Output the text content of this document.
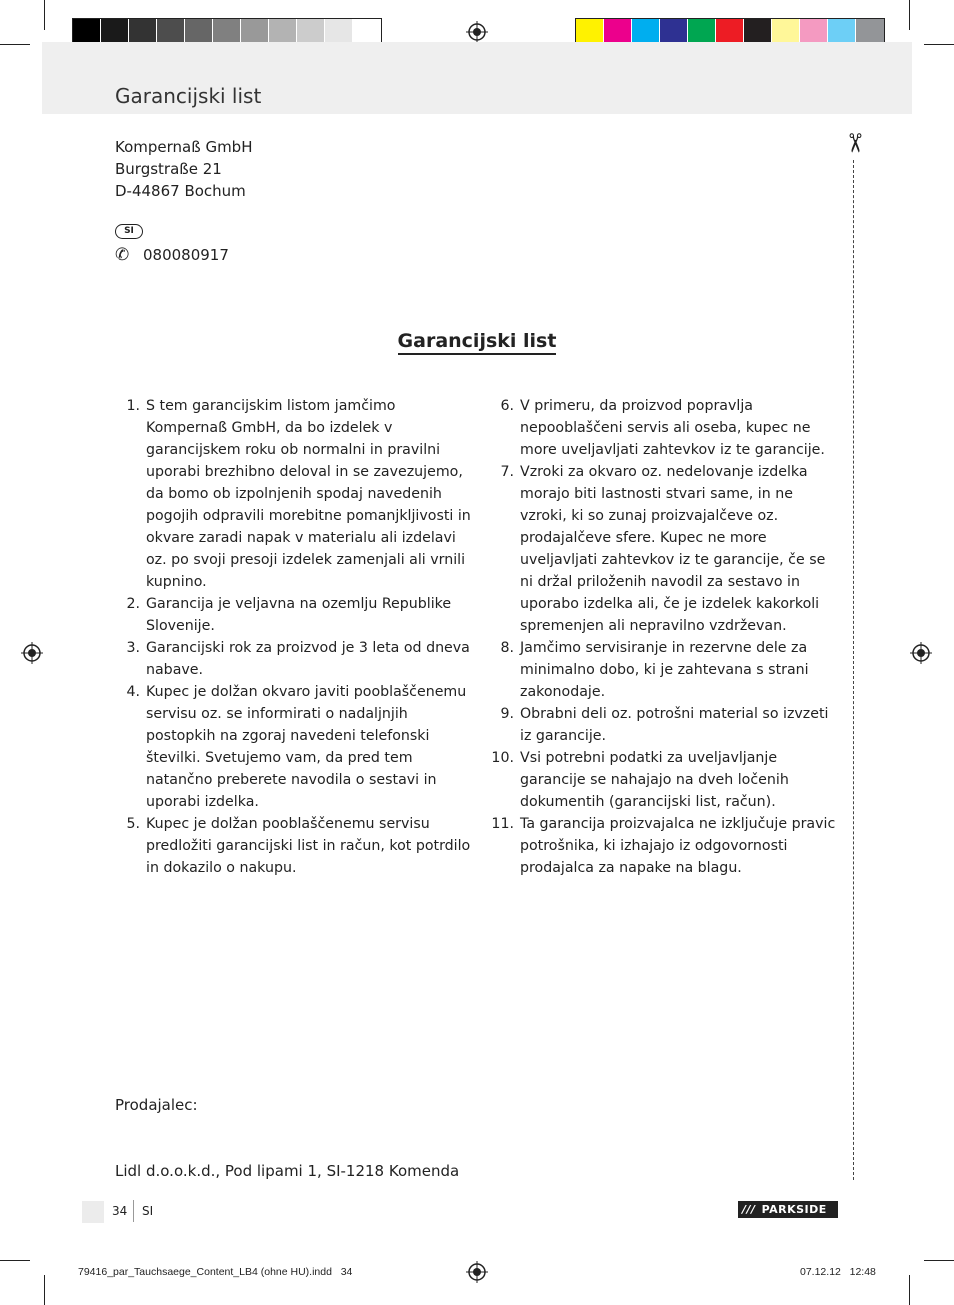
Garancijski list
Kompernaß GmbH
Burgstraße 21
D-44867 Bochum
SI
✆ 080080917
Garancijski list
1. S tem garancijskim listom jamčimo Kompernaß GmbH, da bo izdelek v garancijskem roku ob normalni in pravilni uporabi brezhibno deloval in se zavezujemo, da bomo ob izpolnjenih spodaj navedenih pogojih odpravili morebitne pomanjkljivosti in okvare zaradi napak v materialu ali izdelavi oz. po svoji presoji izdelek zamenjali ali vrnili kupnino.
2. Garancija je veljavna na ozemlju Republike Slovenije.
3. Garancijski rok za proizvod je 3 leta od dneva nabave.
4. Kupec je dolžan okvaro javiti pooblaščenemu servisu oz. se informirati o nadaljnjih postopkih na zgoraj navedeni telefonski številki. Svetujemo vam, da pred tem natančno preberete navodila o sestavi in uporabi izdelka.
5. Kupec je dolžan pooblaščenemu servisu predložiti garancijski list in račun, kot potrdilo in dokazilo o nakupu.
6. V primeru, da proizvod popravlja nepooblaščeni servis ali oseba, kupec ne more uveljavljati zahtevkov iz te garancije.
7. Vzroki za okvaro oz. nedelovanje izdelka morajo biti lastnosti stvari same, in ne vzroki, ki so zunaj proizvajalčeve oz. prodajalčeve sfere. Kupec ne more uveljavljati zahtevkov iz te garancije, če se ni držal priloženih navodil za sestavo in uporabo izdelka ali, če je izdelek kakorkoli spremenjen ali nepravilno vzdrževan.
8. Jamčimo servisiranje in rezervne dele za minimalno dobo, ki je zahtevana s strani zakonodaje.
9. Obrabni deli oz. potrošni material so izvzeti iz garancije.
10. Vsi potrebni podatki za uveljavljanje garancije se nahajajo na dveh ločenih dokumentih (garancijski list, račun).
11. Ta garancija proizvajalca ne izključuje pravic potrošnika, ki izhajajo iz odgovornosti prodajalca za napake na blagu.
✂
Prodajalec:
Lidl d.o.o.k.d., Pod lipami 1, SI-1218 Komenda
34 SI	/// PARKSIDE
79416_par_Tauchsaege_Content_LB4 (ohne HU).indd   34	07.12.12   12:48
